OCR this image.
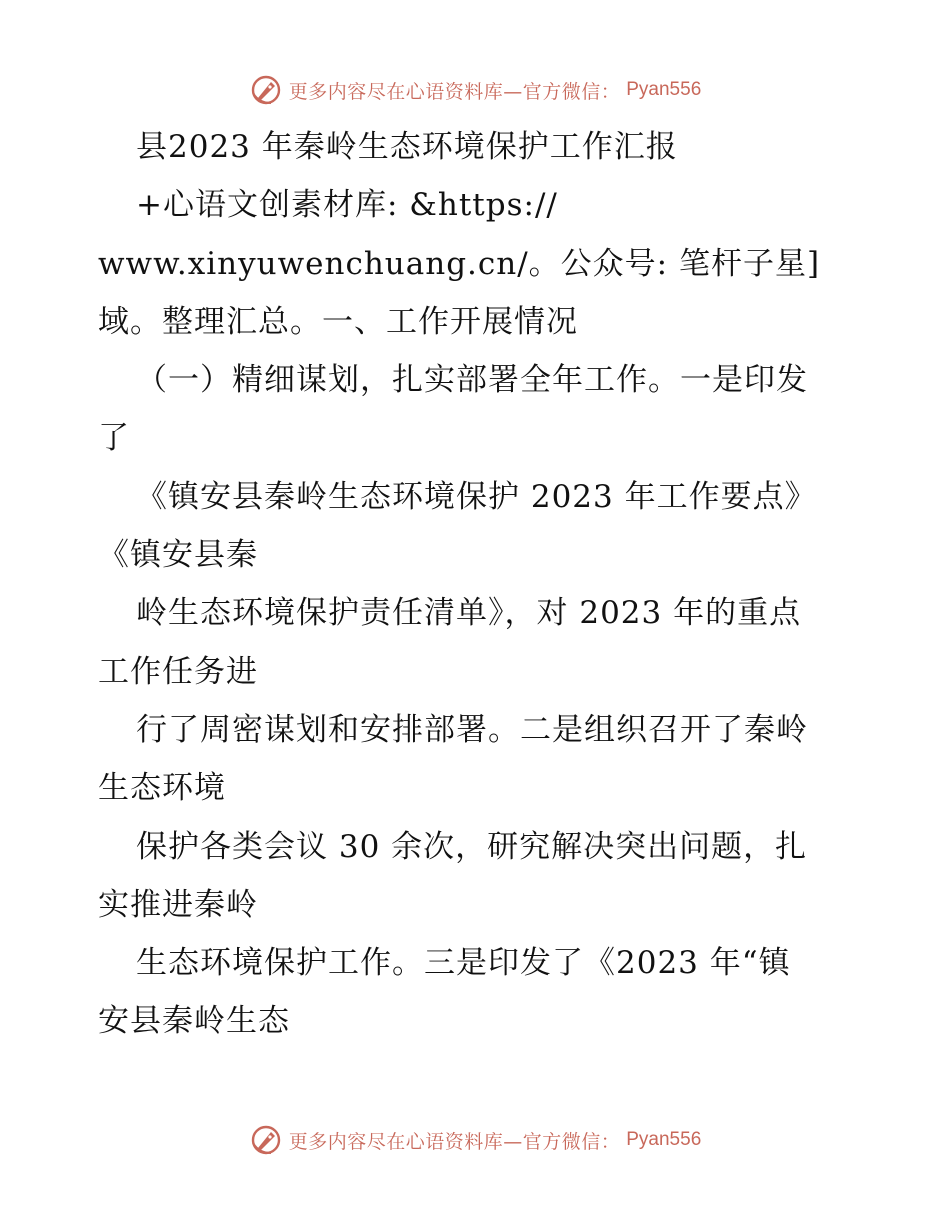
更多内容尽在心语资料库—官方微信： Pyan556
县2023 年秦岭生态环境保护工作汇报
+心语文创素材库: &https://
www.xinyuwenchuang.cn/。公众号: 笔杆子星]
域。整理汇总。一、工作开展情况
（一）精细谋划，扎实部署全年工作。一是印发
了
《镇安县秦岭生态环境保护 2023 年工作要点》
《镇安县秦
岭生态环境保护责任清单》，对 2023 年的重点
工作任务进
行了周密谋划和安排部署。二是组织召开了秦岭
生态环境
保护各类会议 30 余次，研究解决突出问题，扎
实推进秦岭
生态环境保护工作。三是印发了《2023 年“镇
安县秦岭生态
更多内容尽在心语资料库—官方微信： Pyan556
